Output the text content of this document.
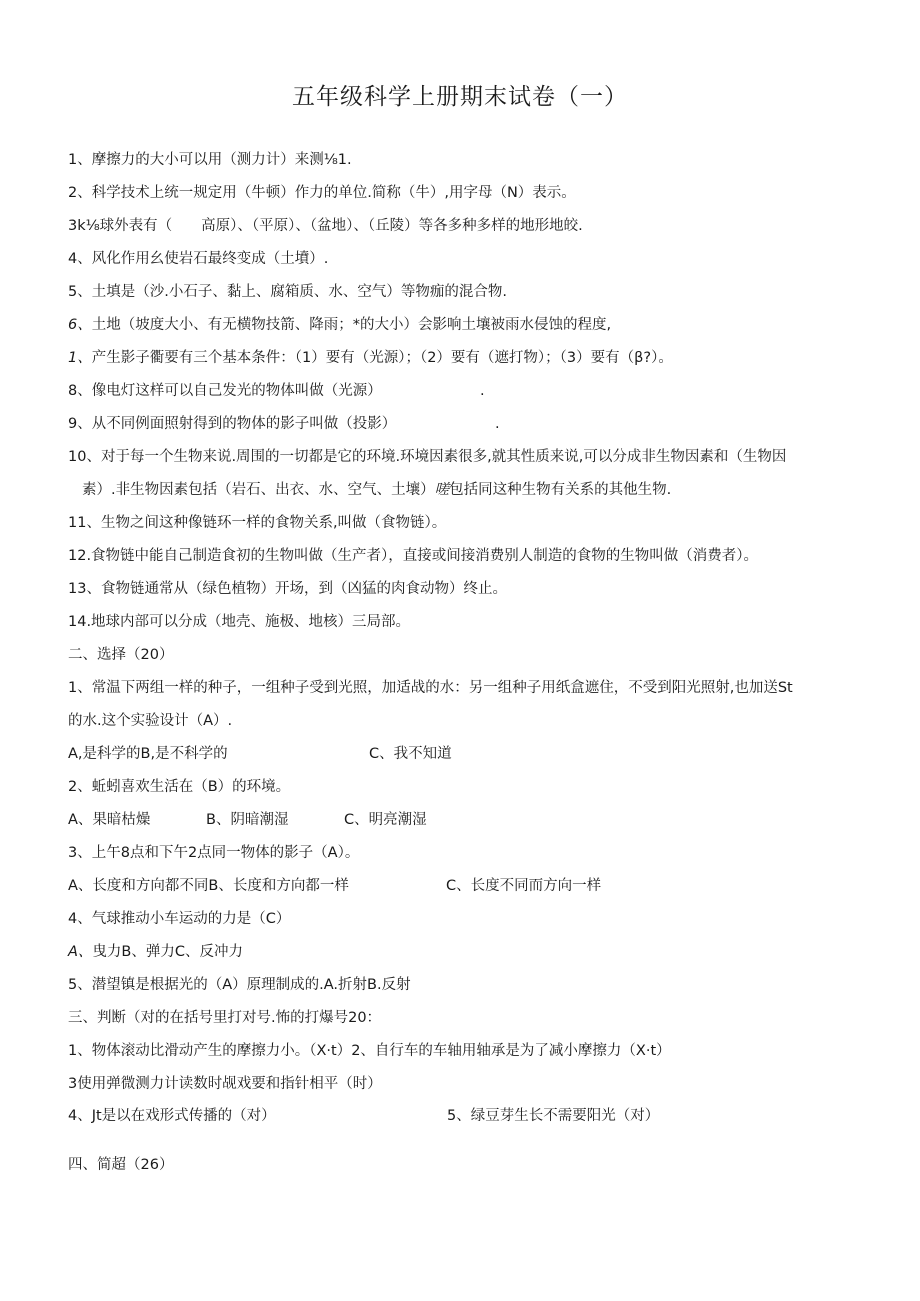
五年级科学上册期末试卷（一）
1、摩擦力的大小可以用（测力计）来测⅛1.
2、科学技术上统一规定用（牛顿）作力的单位.简称（牛）,用字母（N）表示。
3k⅛球外表有（　　高原）、（平原）、（盆地）、（丘陵）等各多种多样的地形地皎.
4、风化作用幺使岩石最终变成（土墳）.
5、土填是（沙.小石子、黏上、腐箱质、水、空气）等物痂的混合物.
6、土地（坡度大小、有无横物技箭、降雨；*的大小）会影响土壤被雨水侵蚀的程度,
1、产生影子衢要有三个基本条件：（1）要有（光源）；（2）要有（遮打物）；（3）要有（β?）。
8、像电灯这样可以自己发光的物体叫做（光源）	.
9、从不同例面照射得到的物体的影子叫做（投影）	.
10、对于每一个生物来说.周围的一切都是它的环境.环境因素很多,就其性质来说,可以分成非生物因素和（生物因
素）.非生物因素包括（岩石、出衣、水、空气、土壤）嗟包括同这种生物有关系的其他生物.
11、生物之间这种像链环一样的食物关系,叫做（食物链）。
12.食物链中能自己制造食初的生物叫做（生产者），直接或间接消费别人制造的食物的生物叫做（消费者）。
13、食物链通常从（绿色植物）开场，到（凶猛的肉食动物）终止。
14.地球内部可以分成（地壳、施极、地核）三局部。
二、选择（20）
1、常温下两组一样的种子，一组种子受到光照，加适战的水：另一组种子用纸盒遮住，不受到阳光照射,也加送St
的水.这个实验设计（A）.
A,是科学的B,是不科学的	C、我不知道
2、蚯蚓喜欢生活在（B）的环境。
A、果暗枯燥	B、阴暗潮湿	C、明亮潮湿
3、上午8点和下午2点同一物体的影子（A）。
A、长度和方向都不同B、长度和方向都一样	C、长度不同而方向一样
4、气球推动小车运动的力是（C）
A、曳力B、弹力C、反冲力
5、潜望镇是根据光的（A）原理制成的.A.折射B.反射
三、判断（对的在括号里打对号.怖的打爆号20：
1、物体滚动比滑动产生的摩擦力小。（X·t）2、自行车的车轴用轴承是为了减小摩擦力（X·t）
3使用弹微测力计读数时觇戏要和指针相平（时）
4、Jt是以在戏形式传播的（对）	5、绿豆芽生长不需要阳光（对）
四、简超（26）
